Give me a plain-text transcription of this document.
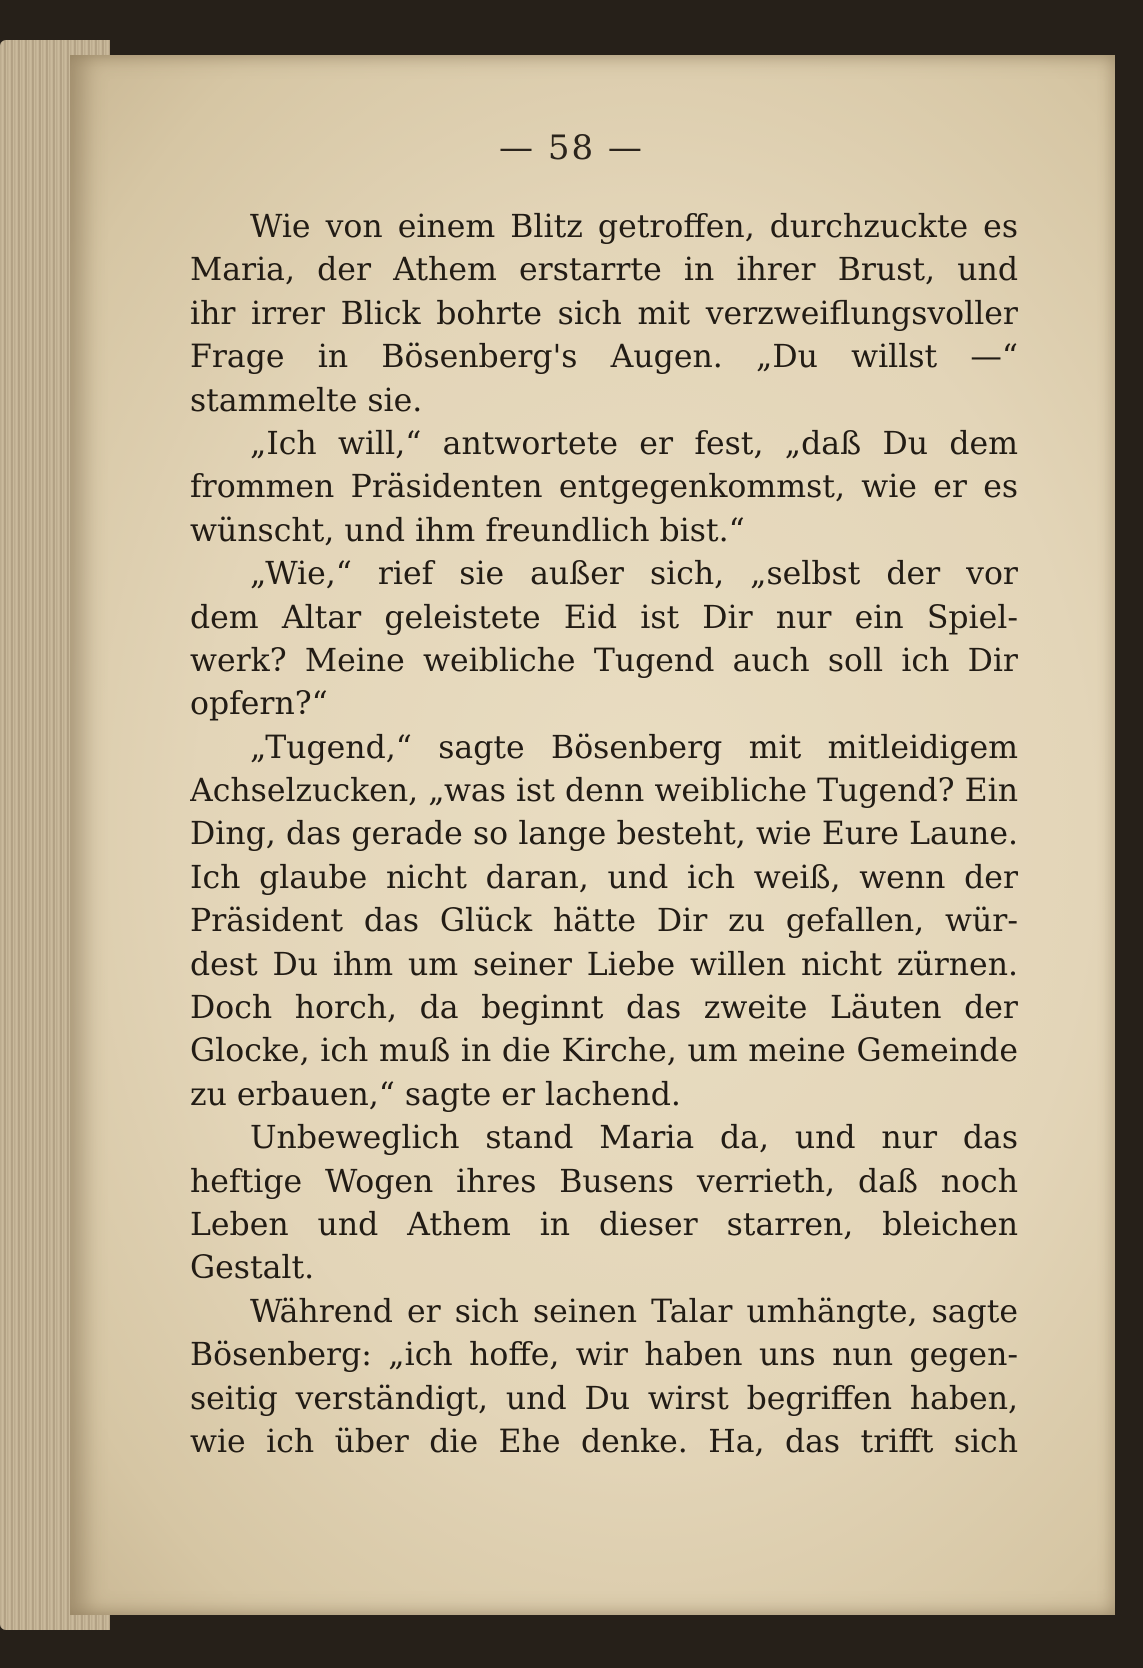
— 58 —
Wie von einem Blitz getroffen, durchzuckte es
Maria, der Athem erstarrte in ihrer Brust, und
ihr irrer Blick bohrte sich mit verzweiflungsvoller
Frage in Bösenberg's Augen. „Du willst —“
stammelte sie.
„Ich will,“ antwortete er fest, „daß Du dem
frommen Präsidenten entgegenkommst, wie er es
wünscht, und ihm freundlich bist.“
„Wie,“ rief sie außer sich, „selbst der vor
dem Altar geleistete Eid ist Dir nur ein Spiel-
werk? Meine weibliche Tugend auch soll ich Dir
opfern?“
„Tugend,“ sagte Bösenberg mit mitleidigem
Achselzucken, „was ist denn weibliche Tugend? Ein
Ding, das gerade so lange besteht, wie Eure Laune.
Ich glaube nicht daran, und ich weiß, wenn der
Präsident das Glück hätte Dir zu gefallen, wür-
dest Du ihm um seiner Liebe willen nicht zürnen.
Doch horch, da beginnt das zweite Läuten der
Glocke, ich muß in die Kirche, um meine Gemeinde
zu erbauen,“ sagte er lachend.
Unbeweglich stand Maria da, und nur das
heftige Wogen ihres Busens verrieth, daß noch
Leben und Athem in dieser starren, bleichen
Gestalt.
Während er sich seinen Talar umhängte, sagte
Bösenberg: „ich hoffe, wir haben uns nun gegen-
seitig verständigt, und Du wirst begriffen haben,
wie ich über die Ehe denke. Ha, das trifft sich
